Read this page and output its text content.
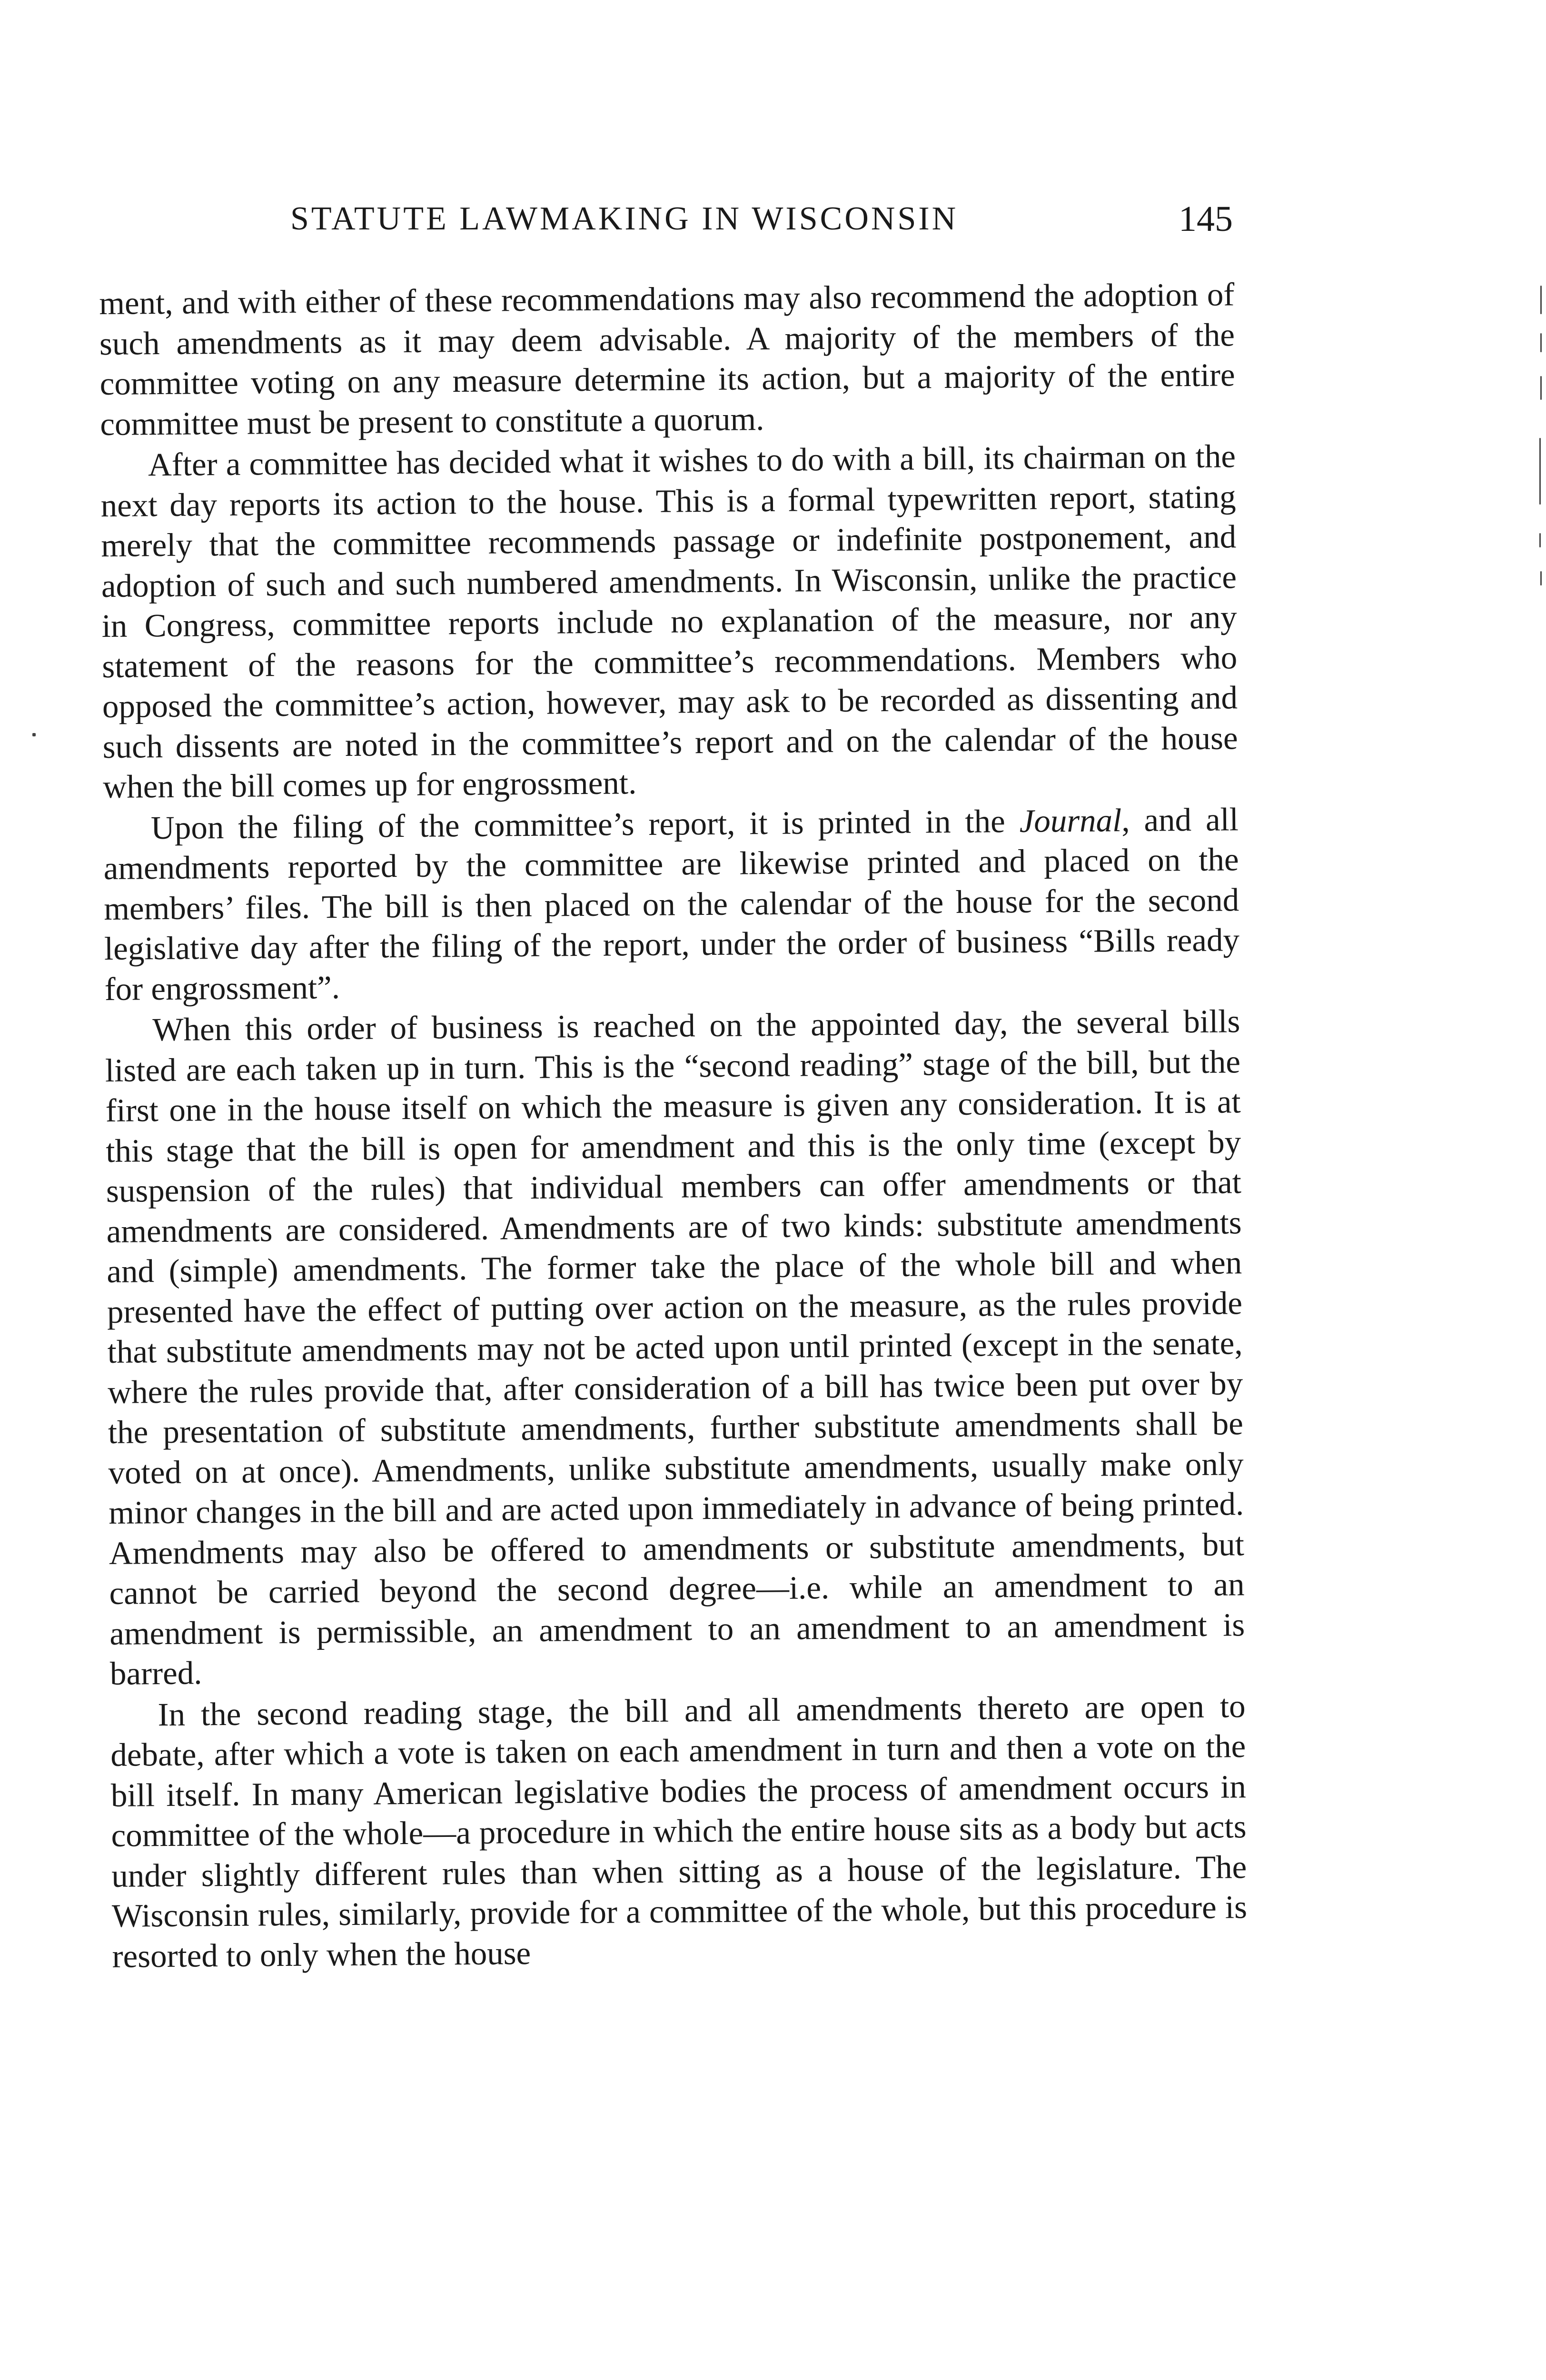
STATUTE LAWMAKING IN WISCONSIN	145

ment, and with either of these recommendations may also recommend the adoption of such amendments as it may deem advisable. A majority of the members of the committee voting on any measure determine its action, but a majority of the entire committee must be present to constitute a quorum.

After a committee has decided what it wishes to do with a bill, its chairman on the next day reports its action to the house. This is a formal typewritten report, stating merely that the committee recommends passage or indefinite postponement, and adoption of such and such numbered amendments. In Wisconsin, unlike the practice in Congress, committee reports include no explanation of the measure, nor any statement of the reasons for the committee’s recommendations. Members who opposed the committee’s action, however, may ask to be recorded as dissenting and such dissents are noted in the committee’s report and on the calendar of the house when the bill comes up for engrossment.

Upon the filing of the committee’s report, it is printed in the Journal, and all amendments reported by the committee are likewise printed and placed on the members’ files. The bill is then placed on the calendar of the house for the second legislative day after the filing of the report, under the order of business “Bills ready for engrossment”.

When this order of business is reached on the appointed day, the several bills listed are each taken up in turn. This is the “second reading” stage of the bill, but the first one in the house itself on which the measure is given any consideration. It is at this stage that the bill is open for amendment and this is the only time (except by suspension of the rules) that individual members can offer amendments or that amendments are considered. Amendments are of two kinds: substitute amendments and (simple) amendments. The former take the place of the whole bill and when presented have the effect of putting over action on the measure, as the rules provide that substitute amendments may not be acted upon until printed (except in the senate, where the rules provide that, after consideration of a bill has twice been put over by the presentation of substitute amendments, further substitute amendments shall be voted on at once). Amendments, unlike substitute amendments, usually make only minor changes in the bill and are acted upon immediately in advance of being printed. Amendments may also be offered to amendments or substitute amendments, but cannot be carried beyond the second degree—i.e. while an amendment to an amendment is permissible, an amendment to an amendment to an amendment is barred.

In the second reading stage, the bill and all amendments thereto are open to debate, after which a vote is taken on each amendment in turn and then a vote on the bill itself. In many American legislative bodies the process of amendment occurs in committee of the whole—a procedure in which the entire house sits as a body but acts under slightly different rules than when sitting as a house of the legislature. The Wisconsin rules, similarly, provide for a committee of the whole, but this procedure is resorted to only when the house
